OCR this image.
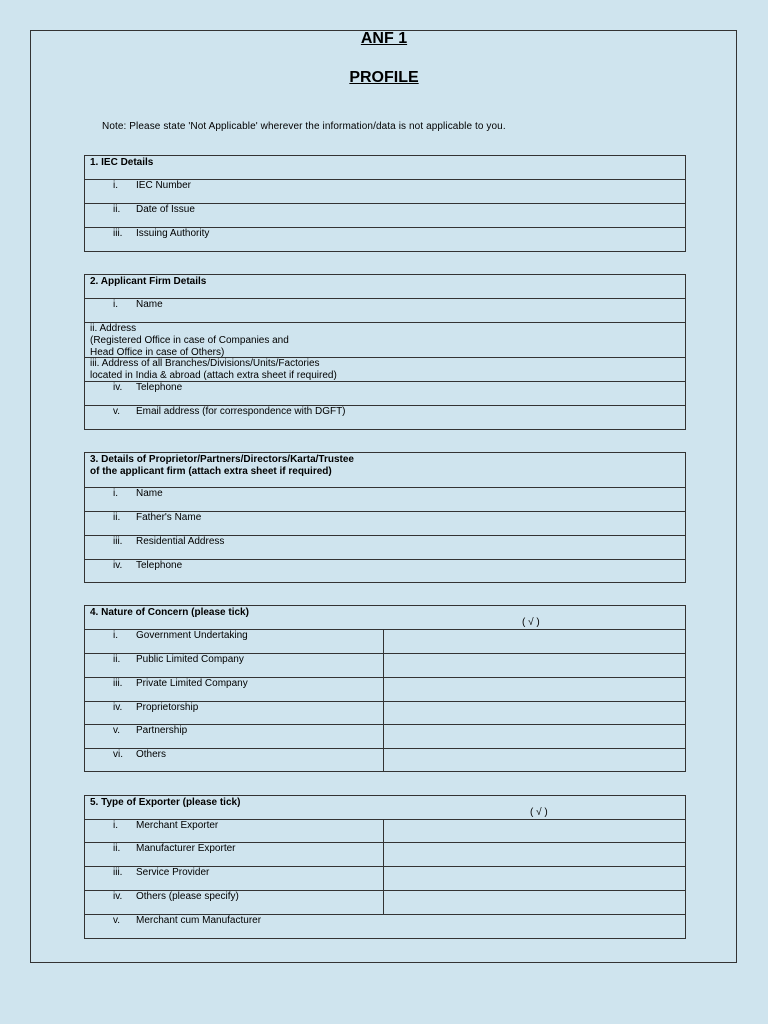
ANF 1
PROFILE
Note: Please state 'Not Applicable' wherever the information/data is not applicable to you.
1. IEC Details
i. IEC Number
ii. Date of Issue
iii. Issuing Authority
2. Applicant Firm Details
i. Name
ii. Address
(Registered Office in case of Companies and
Head Office in case of Others)
iii. Address of all Branches/Divisions/Units/Factories
located in India & abroad (attach extra sheet if required)
iv. Telephone
v. Email address (for correspondence with DGFT)
3. Details of Proprietor/Partners/Directors/Karta/Trustee
of the applicant firm (attach extra sheet if required)
i. Name
ii. Father's Name
iii. Residential Address
iv. Telephone
4. Nature of Concern (please tick)
( √ )
i. Government Undertaking
ii. Public Limited Company
iii. Private Limited Company
iv. Proprietorship
v. Partnership
vi. Others
5. Type of Exporter (please tick)
( √ )
i. Merchant Exporter
ii. Manufacturer Exporter
iii. Service Provider
iv. Others (please specify)
v. Merchant cum Manufacturer
